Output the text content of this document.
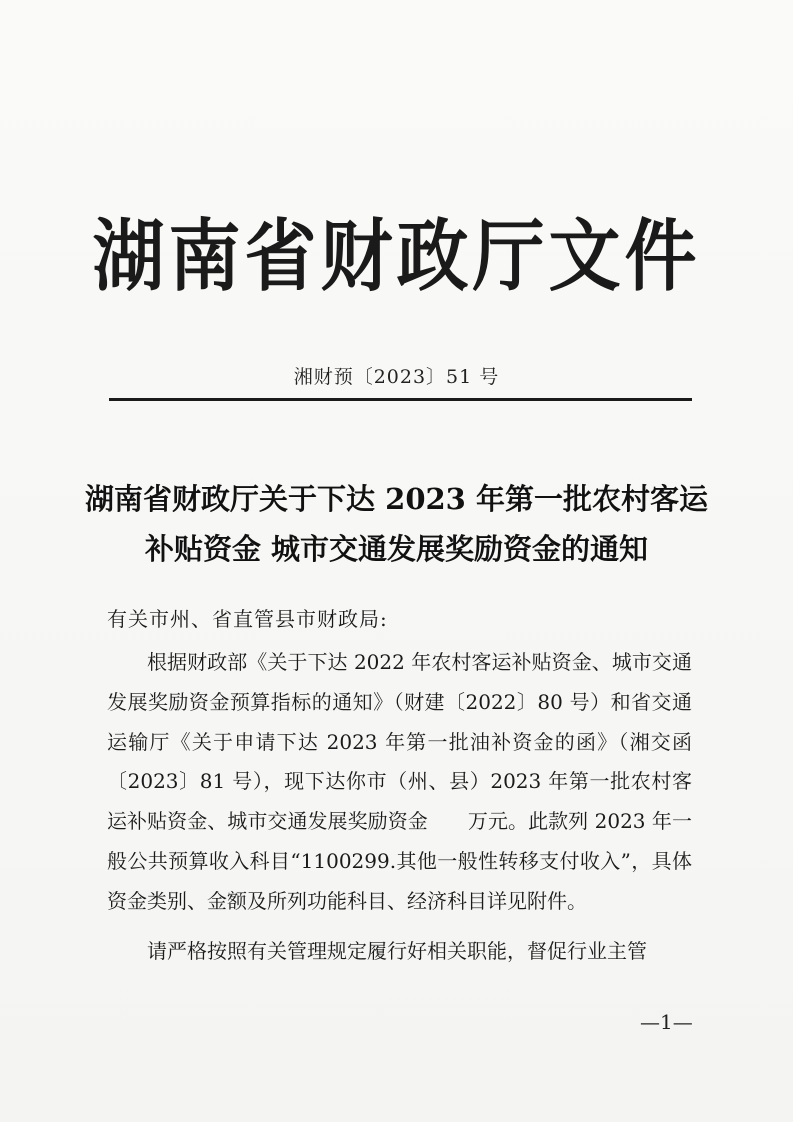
湖南省财政厅文件
湘财预〔2023〕51 号
湖南省财政厅关于下达 2023 年第一批农村客运
补贴资金 城市交通发展奖励资金的通知
有关市州、省直管县市财政局:

根据财政部《关于下达 2022 年农村客运补贴资金、城市交通发展奖励资金预算指标的通知》（财建〔2022〕80 号）和省交通运输厅《关于申请下达 2023 年第一批油补资金的函》（湘交函〔2023〕81 号），现下达你市（州、县）2023 年第一批农村客运补贴资金、城市交通发展奖励资金　　万元。此款列 2023 年一般公共预算收入科目“1100299.其他一般性转移支付收入”，具体资金类别、金额及所列功能科目、经济科目详见附件。

请严格按照有关管理规定履行好相关职能，督促行业主管

—1—
